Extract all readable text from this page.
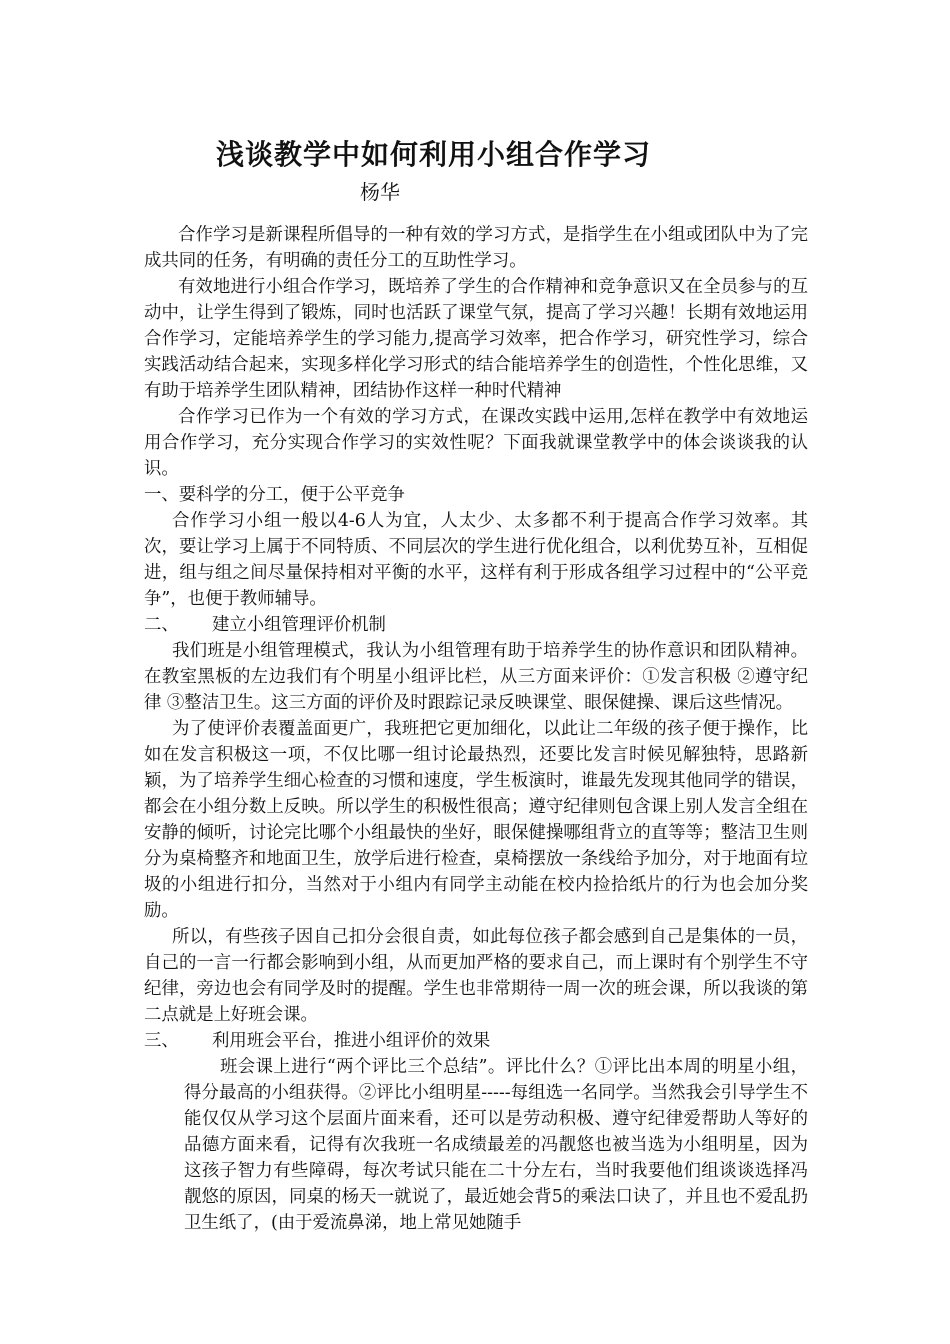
浅谈教学中如何利用小组合作学习
杨华

合作学习是新课程所倡导的一种有效的学习方式，是指学生在小组或团队中为了完成共同的任务，有明确的责任分工的互助性学习。

有效地进行小组合作学习，既培养了学生的合作精神和竞争意识又在全员参与的互动中，让学生得到了锻炼，同时也活跃了课堂气氛，提高了学习兴趣！长期有效地运用合作学习，定能培养学生的学习能力,提高学习效率，把合作学习，研究性学习，综合实践活动结合起来，实现多样化学习形式的结合能培养学生的创造性，个性化思维，又有助于培养学生团队精神，团结协作这样一种时代精神

合作学习已作为一个有效的学习方式，在课改实践中运用,怎样在教学中有效地运用合作学习，充分实现合作学习的实效性呢？下面我就课堂教学中的体会谈谈我的认识。

一、要科学的分工，便于公平竞争

合作学习小组一般以4-6人为宜，人太少、太多都不利于提高合作学习效率。其次，要让学习上属于不同特质、不同层次的学生进行优化组合，以利优势互补，互相促进，组与组之间尽量保持相对平衡的水平，这样有利于形成各组学习过程中的“公平竞争”，也便于教师辅导。

二、 建立小组管理评价机制

我们班是小组管理模式，我认为小组管理有助于培养学生的协作意识和团队精神。在教室黑板的左边我们有个明星小组评比栏，从三方面来评价：①发言积极 ②遵守纪律 ③整洁卫生。这三方面的评价及时跟踪记录反映课堂、眼保健操、课后这些情况。

为了使评价表覆盖面更广，我班把它更加细化，以此让二年级的孩子便于操作，比如在发言积极这一项，不仅比哪一组讨论最热烈，还要比发言时候见解独特，思路新颖，为了培养学生细心检查的习惯和速度，学生板演时，谁最先发现其他同学的错误，都会在小组分数上反映。所以学生的积极性很高；遵守纪律则包含课上别人发言全组在安静的倾听，讨论完比哪个小组最快的坐好，眼保健操哪组背立的直等等；整洁卫生则分为桌椅整齐和地面卫生，放学后进行检查，桌椅摆放一条线给予加分，对于地面有垃圾的小组进行扣分，当然对于小组内有同学主动能在校内捡拾纸片的行为也会加分奖励。

所以，有些孩子因自己扣分会很自责，如此每位孩子都会感到自己是集体的一员，自己的一言一行都会影响到小组，从而更加严格的要求自己，而上课时有个别学生不守纪律，旁边也会有同学及时的提醒。学生也非常期待一周一次的班会课，所以我谈的第二点就是上好班会课。

三、 利用班会平台，推进小组评价的效果

班会课上进行“两个评比三个总结”。评比什么？①评比出本周的明星小组，得分最高的小组获得。②评比小组明星-----每组选一名同学。当然我会引导学生不能仅仅从学习这个层面片面来看，还可以是劳动积极、遵守纪律爱帮助人等好的品德方面来看，记得有次我班一名成绩最差的冯靓悠也被当选为小组明星，因为这孩子智力有些障碍，每次考试只能在二十分左右，当时我要他们组谈谈选择冯靓悠的原因，同桌的杨天一就说了，最近她会背5的乘法口诀了，并且也不爱乱扔卫生纸了，(由于爱流鼻涕，地上常见她随手
